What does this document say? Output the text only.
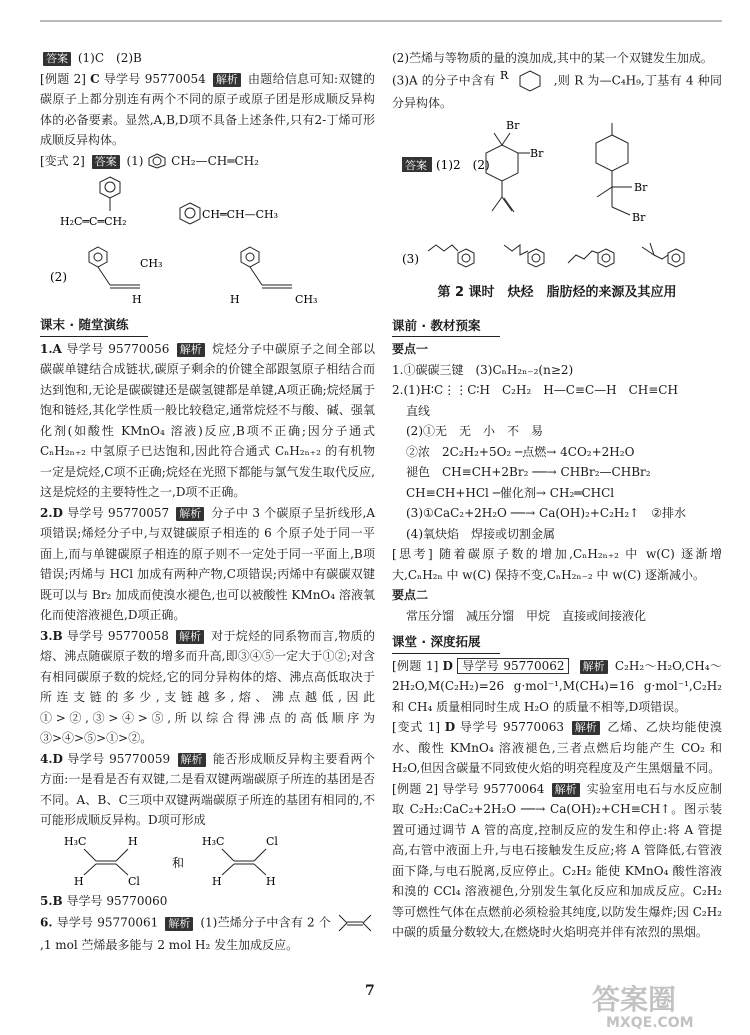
答案 (1)C　(2)B

[例题 2] C 导学号 95770054 解析 由题给信息可知:双键的碳原子上都分别连有两个不同的原子或原子团是形成顺反异构体的必备要素。显然,A,B,D项不具备上述条件,只有2-丁烯可形成顺反异构体。

[变式 2] 答案 (1) CH₂—CH═CH₂

H₂C═C═CH₂
CH═CH—CH₃
(2)
H
CH₃
H	CH₃
课末 · 随堂演练

1.A 导学号 95770056 解析 烷烃分子中碳原子之间全部以碳碳单键结合成链状,碳原子剩余的价键全部跟氢原子相结合而达到饱和,无论是碳碳键还是碳氢键都是单键,A项正确;烷烃属于饱和链烃,其化学性质一般比较稳定,通常烷烃不与酸、碱、强氧化剂(如酸性 KMnO₄ 溶液)反应,B项不正确;因分子通式 CₙH₂ₙ₊₂ 中氢原子已达饱和,因此符合通式 CₙH₂ₙ₊₂ 的有机物一定是烷烃,C项不正确;烷烃在光照下都能与氯气发生取代反应,这是烷烃的主要特性之一,D项不正确。

2.D 导学号 95770057 解析 分子中 3 个碳原子呈折线形,A项错误;烯烃分子中,与双键碳原子相连的 6 个原子处于同一平面上,而与单键碳原子相连的原子则不一定处于同一平面上,B项错误;丙烯与 HCl 加成有两种产物,C项错误;丙烯中有碳碳双键既可以与 Br₂ 加成而使溴水褪色,也可以被酸性 KMnO₄ 溶液氧化而使溶液褪色,D项正确。

3.B 导学号 95770058 解析 对于烷烃的同系物而言,物质的熔、沸点随碳原子数的增多而升高,即③④⑤一定大于①②;对含有相同碳原子数的烷烃,它的同分异构体的熔、沸点高低取决于所连支链的多少,支链越多,熔、沸点越低,因此①>②,③>④>⑤,所以综合得沸点的高低顺序为③>④>⑤>①>②。

4.D 导学号 95770059 解析 能否形成顺反异构主要看两个方面:一是看是否有双键,二是看双键两端碳原子所连的基团是否不同。A、B、C三项中双键两端碳原子所连的基团有相同的,不可能形成顺反异构。D项可形成

H₃C	H
H	Cl
和
H₃C	Cl
H	H

5.B 导学号 95770060

6. 导学号 95770061 解析 (1)苎烯分子中含有 2 个  ,1 mol 苎烯最多能与 2 mol H₂ 发生加成反应。

(2)苎烯与等物质的量的溴加成,其中的某一个双键发生加成。

(3)A 的分子中含有 R	,则 R 为—C₄H₉,丁基有 4 种同分异构体。

答案 (1)2　(2)
Br
Br
Br
Br
(3)
第 2 课时　炔烃　脂肪烃的来源及其应用
课前 · 教材预案

要点一

1.①碳碳三键　(3)CₙH₂ₙ₋₂(n≥2)

2.(1)H∶C⋮⋮C∶H　C₂H₂　H—C≡C—H　CH≡CH

直线

(2)①无　无　小　不　易

②浓　2C₂H₂+5O₂ ─点燃→ 4CO₂+2H₂O

褪色　CH≡CH+2Br₂ ──→ CHBr₂—CHBr₂

CH≡CH+HCl ─催化剂→ CH₂═CHCl

(3)①CaC₂+2H₂O ──→ Ca(OH)₂+C₂H₂↑　②排水

(4)氧炔焰　焊接或切割金属

[思考] 随着碳原子数的增加,CₙH₂ₙ₊₂ 中 w(C) 逐渐增大,CₙH₂ₙ 中 w(C) 保持不变,CₙH₂ₙ₋₂ 中 w(C) 逐渐减小。

要点二

常压分馏　减压分馏　甲烷　直接或间接液化

课堂 · 深度拓展

[例题 1] D 导学号 95770062 解析 C₂H₂～H₂O,CH₄～2H₂O,M(C₂H₂)=26 g·mol⁻¹,M(CH₄)=16 g·mol⁻¹,C₂H₂ 和 CH₄ 质量相同时生成 H₂O 的质量不相等,D项错误。

[变式 1] D 导学号 95770063 解析 乙烯、乙炔均能使溴水、酸性 KMnO₄ 溶液褪色,三者点燃后均能产生 CO₂ 和 H₂O,但因含碳量不同致使火焰的明亮程度及产生黑烟量不同。

[例题 2] 导学号 95770064 解析 实验室用电石与水反应制取 C₂H₂:CaC₂+2H₂O ──→ Ca(OH)₂+CH≡CH↑。图示装置可通过调节 A 管的高度,控制反应的发生和停止:将 A 管提高,右管中液面上升,与电石接触发生反应;将 A 管降低,右管液面下降,与电石脱离,反应停止。C₂H₂ 能使 KMnO₄ 酸性溶液和溴的 CCl₄ 溶液褪色,分别发生氧化反应和加成反应。C₂H₂ 等可燃性气体在点燃前必须检验其纯度,以防发生爆炸;因 C₂H₂ 中碳的质量分数较大,在燃烧时火焰明亮并伴有浓烈的黑烟。

7	答案圈
MXQE.COM
